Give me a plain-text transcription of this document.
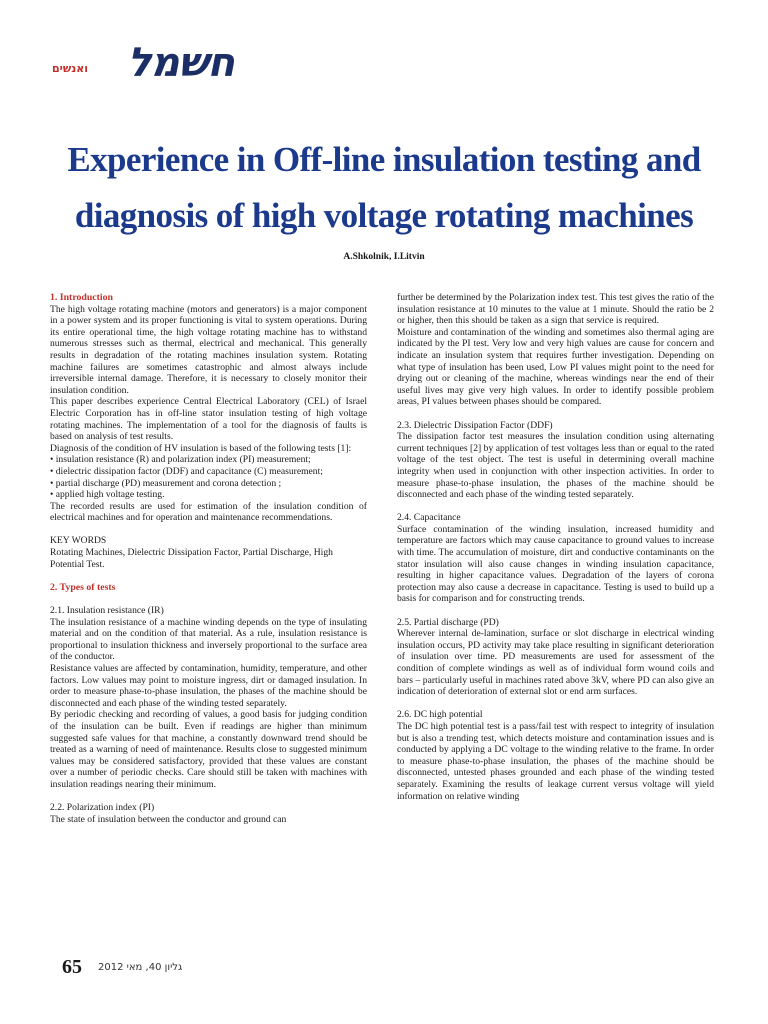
חשמל
ואנשים
Experience in Off-line insulation testing and
diagnosis of high voltage rotating machines
A.Shkolnik, I.Litvin
1. Introduction

The high voltage rotating machine (motors and generators) is a major component in a power system and its proper functioning is vital to system operations. During its entire operational time, the high voltage rotating machine has to withstand numerous stresses such as thermal, electrical and mechanical. This generally results in degradation of the rotating machines insulation system. Rotating machine failures are sometimes catastrophic and almost always include irreversible internal damage. Therefore, it is necessary to closely monitor their insulation condition.

This paper describes experience Central Electrical Laboratory (CEL) of Israel Electric Corporation has in off-line stator insulation testing of high voltage rotating machines. The implementation of a tool for the diagnosis of faults is based on analysis of test results.

Diagnosis of the condition of HV insulation is based of the following tests [1]:

• insulation resistance (R) and polarization index (PI) measurement;

• dielectric dissipation factor (DDF) and capacitance (C) measurement;

• partial discharge (PD) measurement and corona detection ;

• applied high voltage testing.

The recorded results are used for estimation of the insulation condition of electrical machines and for operation and maintenance recommendations.

KEY WORDS

Rotating Machines, Dielectric Dissipation Factor, Partial Discharge, High Potential Test.

2. Types of tests

2.1. Insulation resistance (IR)

The insulation resistance of a machine winding depends on the type of insulating material and on the condition of that material. As a rule, insulation resistance is proportional to insulation thickness and inversely proportional to the surface area of the conductor.

Resistance values are affected by contamination, humidity, temperature, and other factors. Low values may point to moisture ingress, dirt or damaged insulation. In order to measure phase-to-phase insulation, the phases of the machine should be disconnected and each phase of the winding tested separately.

By periodic checking and recording of values, a good basis for judging condition of the insulation can be built. Even if readings are higher than minimum suggested safe values for that machine, a constantly downward trend should be treated as a warning of need of maintenance. Results close to suggested minimum values may be considered satisfactory, provided that these values are constant over a number of periodic checks. Care should still be taken with machines with insulation readings nearing their minimum.

2.2. Polarization index (PI)

The state of insulation between the conductor and ground can

further be determined by the Polarization index test. This test gives the ratio of the insulation resistance at 10 minutes to the value at 1 minute. Should the ratio be 2 or higher, then this should be taken as a sign that service is required.

Moisture and contamination of the winding and sometimes also thermal aging are indicated by the PI test. Very low and very high values are cause for concern and indicate an insulation system that requires further investigation. Depending on what type of insulation has been used, Low PI values might point to the need for drying out or cleaning of the machine, whereas windings near the end of their useful lives may give very high values. In order to identify possible problem areas, PI values between phases should be compared.

2.3. Dielectric Dissipation Factor (DDF)

The dissipation factor test measures the insulation condition using alternating current techniques [2] by application of test voltages less than or equal to the rated voltage of the test object. The test is useful in determining overall machine integrity when used in conjunction with other inspection activities. In order to measure phase-to-phase insulation, the phases of the machine should be disconnected and each phase of the winding tested separately.

2.4. Capacitance

Surface contamination of the winding insulation, increased humidity and temperature are factors which may cause capacitance to ground values to increase with time. The accumulation of moisture, dirt and conductive contaminants on the stator insulation will also cause changes in winding insulation capacitance, resulting in higher capacitance values. Degradation of the layers of corona protection may also cause a decrease in capacitance. Testing is used to build up a basis for comparison and for constructing trends.

2.5. Partial discharge (PD)

Wherever internal de-lamination, surface or slot discharge in electrical winding insulation occurs, PD activity may take place resulting in significant deterioration of insulation over time. PD measurements are used for assessment of the condition of complete windings as well as of individual form wound coils and bars – particularly useful in machines rated above 3kV, where PD can also give an indication of deterioration of external slot or end arm surfaces.

2.6. DC high potential

The DC high potential test is a pass/fail test with respect to integrity of insulation but is also a trending test, which detects moisture and contamination issues and is conducted by applying a DC voltage to the winding relative to the frame. In order to measure phase-to-phase insulation, the phases of the machine should be disconnected, untested phases grounded and each phase of the winding tested separately. Examining the results of leakage current versus voltage will yield information on relative winding

65 גליון 40, מאי 2012
